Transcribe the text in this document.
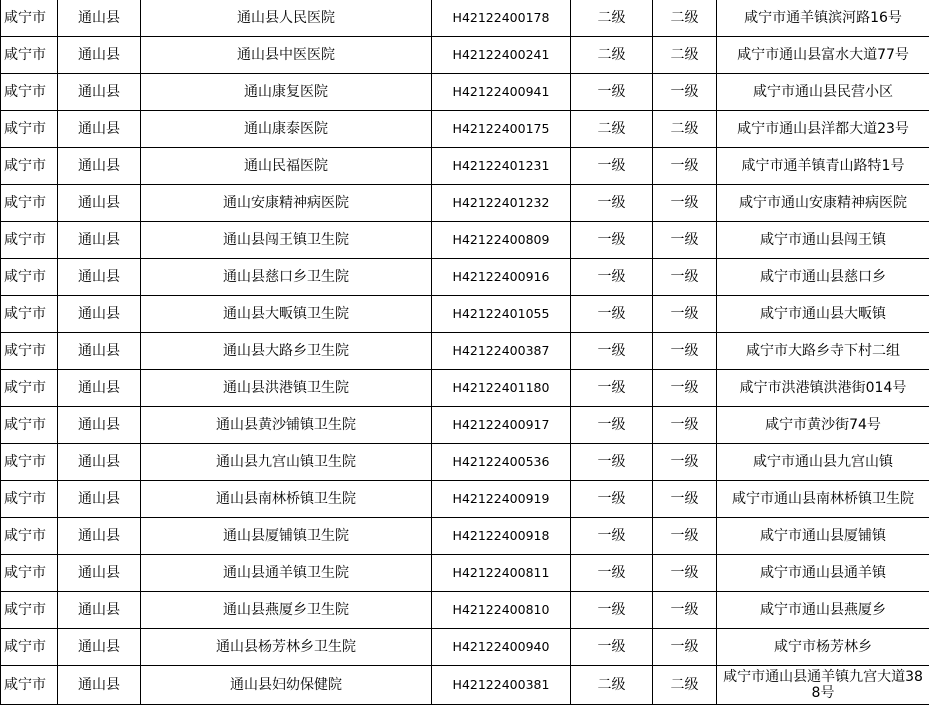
咸宁市	通山县	通山县人民医院	H42122400178	二级	二级	咸宁市通羊镇滨河路16号
咸宁市	通山县	通山县中医医院	H42122400241	二级	二级	咸宁市通山县富水大道77号
咸宁市	通山县	通山康复医院	H42122400941	一级	一级	咸宁市通山县民营小区
咸宁市	通山县	通山康泰医院	H42122400175	二级	二级	咸宁市通山县洋都大道23号
咸宁市	通山县	通山民福医院	H42122401231	一级	一级	咸宁市通羊镇青山路特1号
咸宁市	通山县	通山安康精神病医院	H42122401232	一级	一级	咸宁市通山安康精神病医院
咸宁市	通山县	通山县闯王镇卫生院	H42122400809	一级	一级	咸宁市通山县闯王镇
咸宁市	通山县	通山县慈口乡卫生院	H42122400916	一级	一级	咸宁市通山县慈口乡
咸宁市	通山县	通山县大畈镇卫生院	H42122401055	一级	一级	咸宁市通山县大畈镇
咸宁市	通山县	通山县大路乡卫生院	H42122400387	一级	一级	咸宁市大路乡寺下村二组
咸宁市	通山县	通山县洪港镇卫生院	H42122401180	一级	一级	咸宁市洪港镇洪港街014号
咸宁市	通山县	通山县黄沙铺镇卫生院	H42122400917	一级	一级	咸宁市黄沙街74号
咸宁市	通山县	通山县九宫山镇卫生院	H42122400536	一级	一级	咸宁市通山县九宫山镇
咸宁市	通山县	通山县南林桥镇卫生院	H42122400919	一级	一级	咸宁市通山县南林桥镇卫生院
咸宁市	通山县	通山县厦铺镇卫生院	H42122400918	一级	一级	咸宁市通山县厦铺镇
咸宁市	通山县	通山县通羊镇卫生院	H42122400811	一级	一级	咸宁市通山县通羊镇
咸宁市	通山县	通山县燕厦乡卫生院	H42122400810	一级	一级	咸宁市通山县燕厦乡
咸宁市	通山县	通山县杨芳林乡卫生院	H42122400940	一级	一级	咸宁市杨芳林乡
咸宁市	通山县	通山县妇幼保健院	H42122400381	二级	二级	咸宁市通山县通羊镇九宫大道388号
